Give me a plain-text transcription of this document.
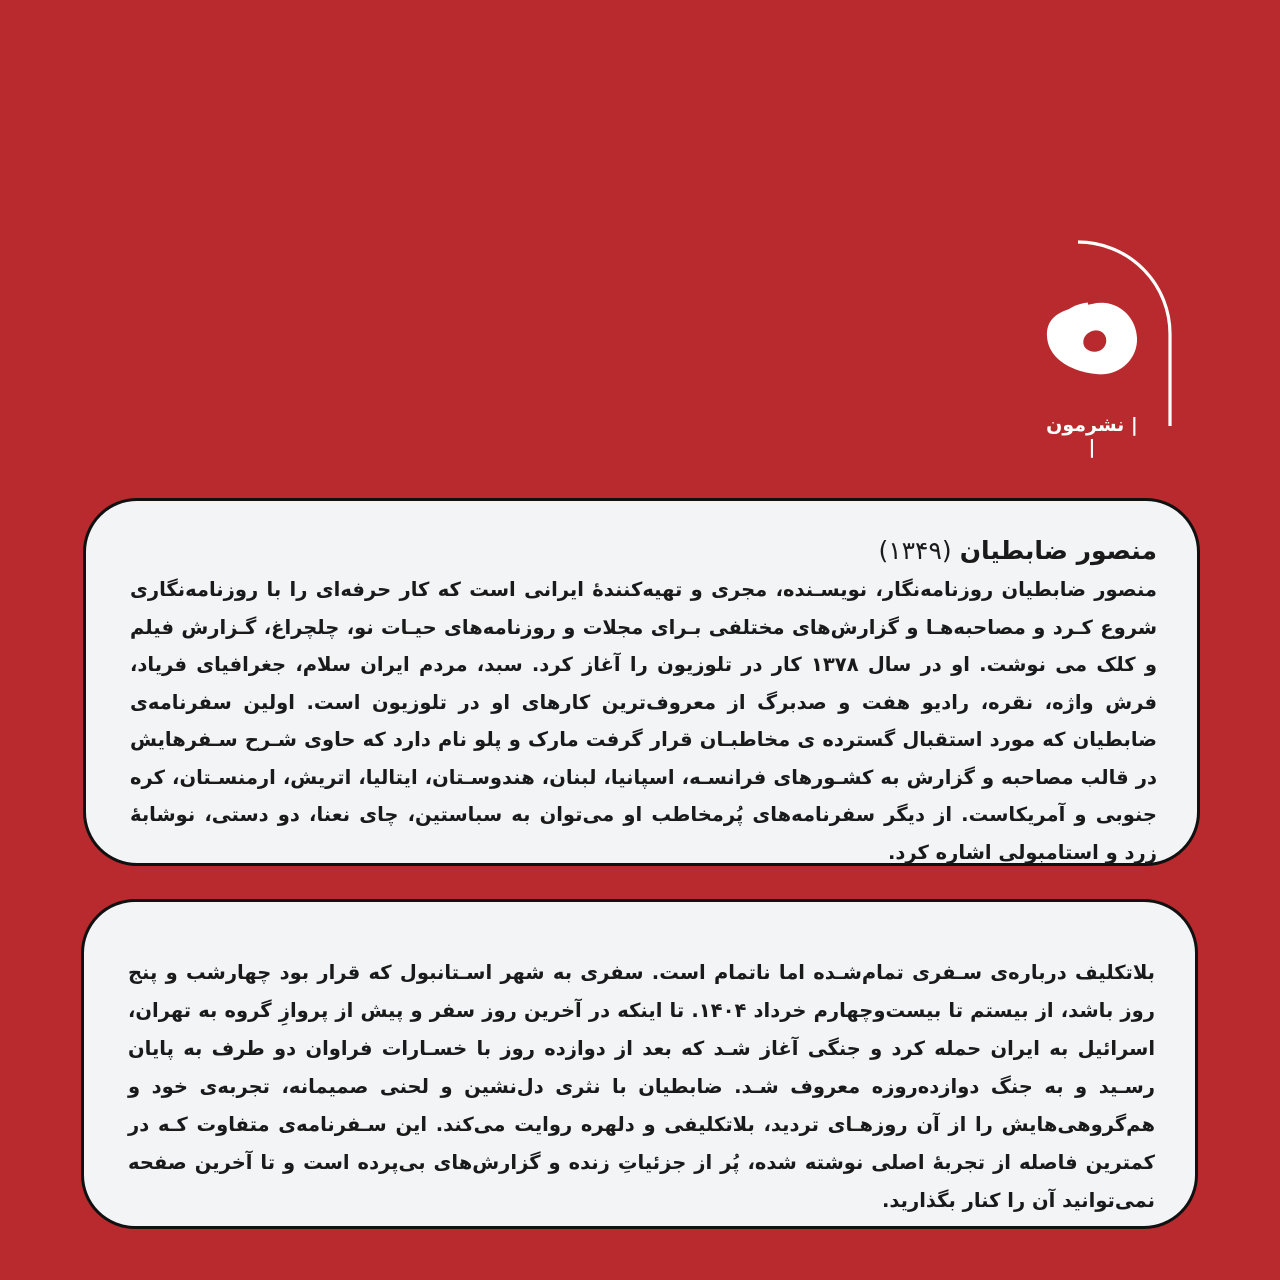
| نشرمون |
منصور ضابطیان(۱۳۴۹)

منصور ضابطیان روزنامه‌نگار، نویسـنده، مجری و تهیه‌کنندهٔ ایرانی است که کار حرفه‌ای را با روزنامه‌نگاری شروع کـرد و مصاحبه‌هـا و گزارش‌های مختلفی بـرای مجلات و روزنامه‌های حیـات نو، چلچراغ، گـزارش فیلم و کلک می نوشت. او در سال ۱۳۷۸ کار در تلوزیون را آغاز کرد. سبد، مردم ایران سلام، جغرافیای فریاد، فرش واژه، نقره، رادیو هفت و صدبرگ از معروف‌ترین کارهای او در تلوزیون است. اولین سفرنامه‌ی ضابطیان که مورد استقبال گسترده ی مخاطبـان قرار گرفت مارک و پلو نام دارد که حاوی شـرح سـفرهایش در قالب مصاحبه و گزارش به کشـورهای فرانسـه، اسپانیا، لبنان، هندوسـتان، ایتالیا، اتریش، ارمنسـتان، کره جنوبی و آمریکاست. از دیگر سفرنامه‌های پُرمخاطب او می‌توان به سباستین، چای نعنا، دو دستی، نوشابهٔ زرد و استامبولی اشاره کرد.

بلاتکلیف درباره‌ی سـفری تمام‌شـده اما ناتمام است. سفری به شهر اسـتانبول که قرار بود چهارشب و پنج روز باشد، از بیستم تا بیست‌وچهارم خرداد ۱۴۰۴. تا اینکه در آخرین روز سفر و پیش از پروازِ گروه به تهران، اسرائیل به ایران حمله کرد و جنگی آغاز شـد که بعد از دوازده روز با خسـارات فراوان دو طرف به پایان رسـید و به جنگ دوازده‌روزه معروف شـد. ضابطیان با نثری دل‌نشین و لحنی صمیمانه، تجربه‌ی خود و هم‌گروهی‌هایش را از آن روزهـای تردید، بلاتکلیفی و دلهره روایت می‌کند. این سـفرنامه‌ی متفاوت کـه در کمترین فاصله از تجربهٔ اصلی نوشته شده، پُر از جزئیاتِ زنده و گزارش‌های بی‌پرده است و تا آخرین صفحه نمی‌توانید آن را کنار بگذارید.
